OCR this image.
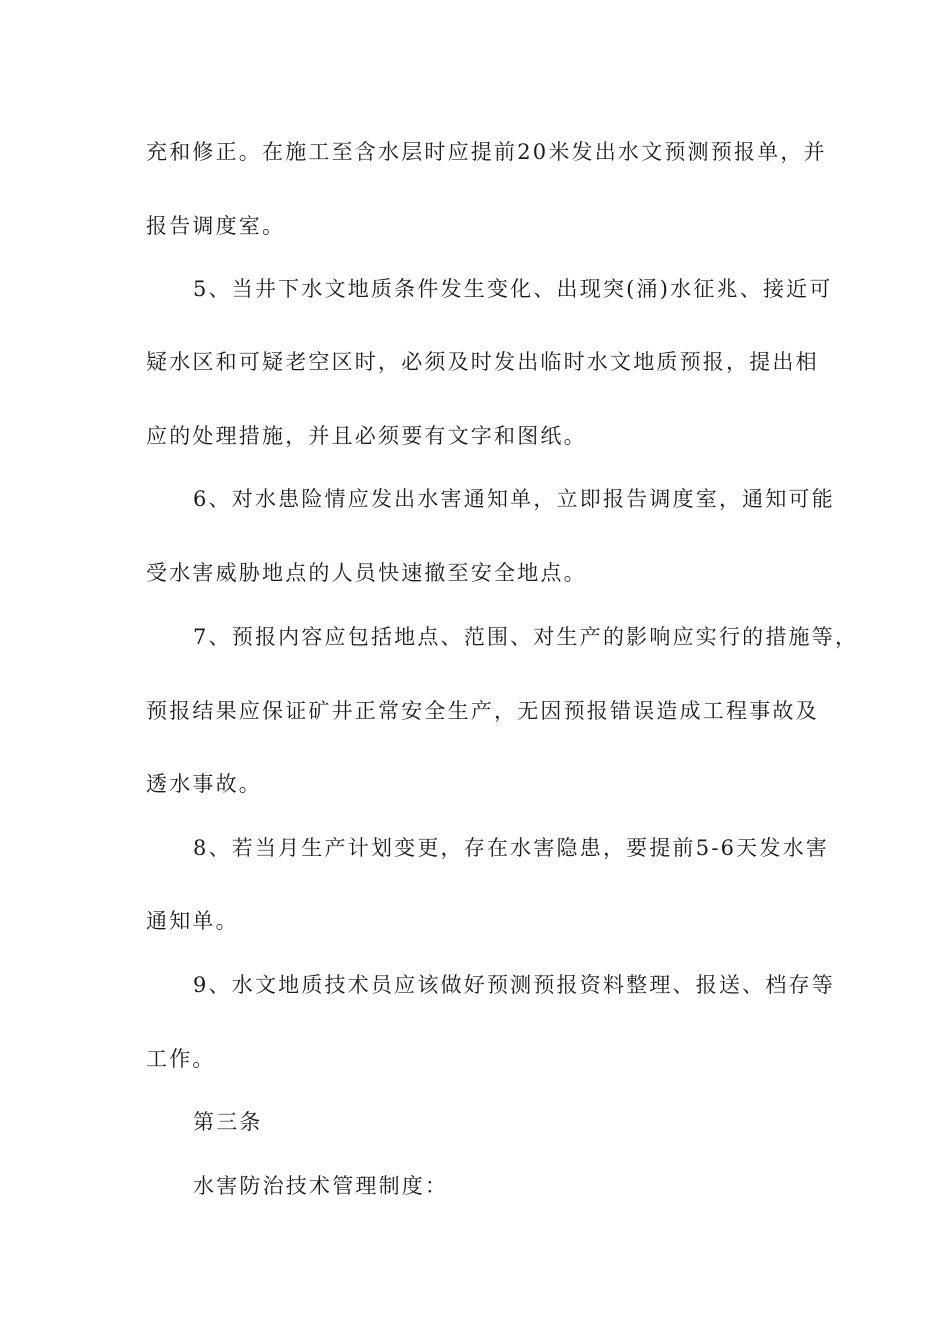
充和修正。在施工至含水层时应提前20米发出水文预测预报单，并
报告调度室。
5、当井下水文地质条件发生变化、出现突(涌)水征兆、接近可
疑水区和可疑老空区时，必须及时发出临时水文地质预报，提出相
应的处理措施，并且必须要有文字和图纸。
6、对水患险情应发出水害通知单，立即报告调度室，通知可能
受水害威胁地点的人员快速撤至安全地点。
7、预报内容应包括地点、范围、对生产的影响应实行的措施等，
预报结果应保证矿井正常安全生产，无因预报错误造成工程事故及
透水事故。
8、若当月生产计划变更，存在水害隐患，要提前5-6天发水害
通知单。
9、水文地质技术员应该做好预测预报资料整理、报送、档存等
工作。
第三条
水害防治技术管理制度：
